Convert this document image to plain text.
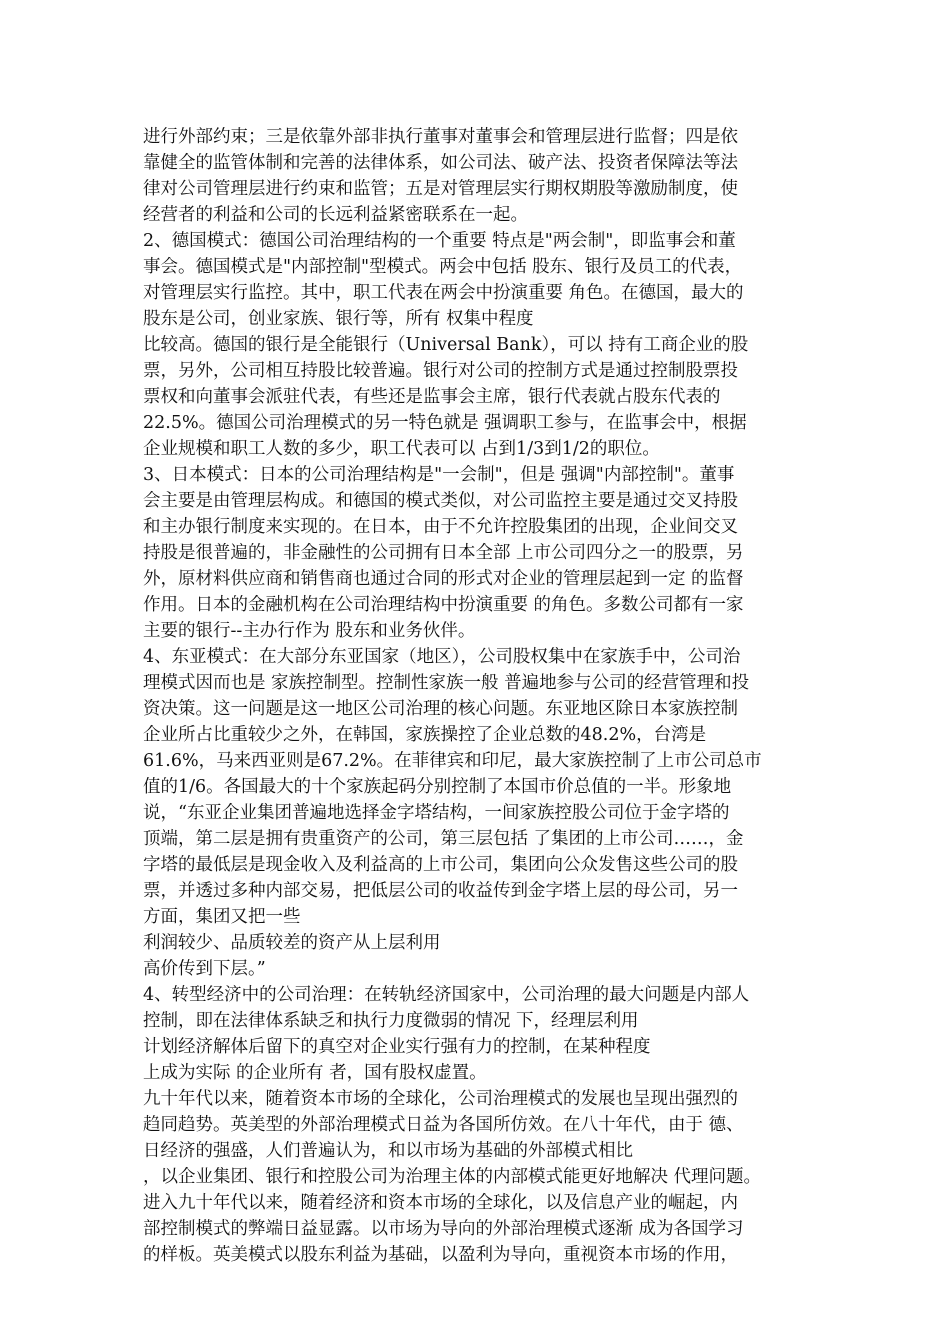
进行外部约束；三是依靠外部非执行董事对董事会和管理层进行监督；四是依
靠健全的监管体制和完善的法律体系，如公司法、破产法、投资者保障法等法
律对公司管理层进行约束和监管；五是对管理层实行期权期股等激励制度，使
经营者的利益和公司的长远利益紧密联系在一起。
2、德国模式：德国公司治理结构的一个重要 特点是"两会制"，即监事会和董
事会。德国模式是"内部控制"型模式。两会中包括 股东、银行及员工的代表，
对管理层实行监控。其中，职工代表在两会中扮演重要 角色。在德国，最大的
股东是公司，创业家族、银行等，所有 权集中程度
比较高。德国的银行是全能银行（Universal Bank），可以 持有工商企业的股
票，另外，公司相互持股比较普遍。银行对公司的控制方式是通过控制股票投
票权和向董事会派驻代表，有些还是监事会主席，银行代表就占股东代表的
22.5%。德国公司治理模式的另一特色就是 强调职工参与，在监事会中，根据
企业规模和职工人数的多少，职工代表可以 占到1/3到1/2的职位。
3、日本模式：日本的公司治理结构是"一会制"，但是 强调"内部控制"。董事
会主要是由管理层构成。和德国的模式类似，对公司监控主要是通过交叉持股
和主办银行制度来实现的。在日本，由于不允许控股集团的出现，企业间交叉
持股是很普遍的，非金融性的公司拥有日本全部 上市公司四分之一的股票，另
外，原材料供应商和销售商也通过合同的形式对企业的管理层起到一定 的监督
作用。日本的金融机构在公司治理结构中扮演重要 的角色。多数公司都有一家
主要的银行--主办行作为 股东和业务伙伴。
4、东亚模式：在大部分东亚国家（地区），公司股权集中在家族手中，公司治
理模式因而也是 家族控制型。控制性家族一般 普遍地参与公司的经营管理和投
资决策。这一问题是这一地区公司治理的核心问题。东亚地区除日本家族控制
企业所占比重较少之外，在韩国，家族操控了企业总数的48.2%，台湾是
61.6%，马来西亚则是67.2%。在菲律宾和印尼，最大家族控制了上市公司总市
值的1/6。各国最大的十个家族起码分别控制了本国市价总值的一半。形象地
说，“东亚企业集团普遍地选择金字塔结构，一间家族控股公司位于金字塔的
顶端，第二层是拥有贵重资产的公司，第三层包括 了集团的上市公司……，金
字塔的最低层是现金收入及利益高的上市公司，集团向公众发售这些公司的股
票，并透过多种内部交易，把低层公司的收益传到金字塔上层的母公司，另一
方面，集团又把一些
利润较少、品质较差的资产从上层利用
高价传到下层。”
4、转型经济中的公司治理：在转轨经济国家中，公司治理的最大问题是内部人
控制，即在法律体系缺乏和执行力度微弱的情况 下，经理层利用
计划经济解体后留下的真空对企业实行强有力的控制，在某种程度
上成为实际 的企业所有 者，国有股权虚置。
九十年代以来，随着资本市场的全球化，公司治理模式的发展也呈现出强烈的
趋同趋势。英美型的外部治理模式日益为各国所仿效。在八十年代，由于 德、
日经济的强盛，人们普遍认为，和以市场为基础的外部模式相比
，以企业集团、银行和控股公司为治理主体的内部模式能更好地解决 代理问题。
进入九十年代以来，随着经济和资本市场的全球化，以及信息产业的崛起，内
部控制模式的弊端日益显露。以市场为导向的外部治理模式逐渐 成为各国学习
的样板。英美模式以股东利益为基础，以盈利为导向，重视资本市场的作用，
